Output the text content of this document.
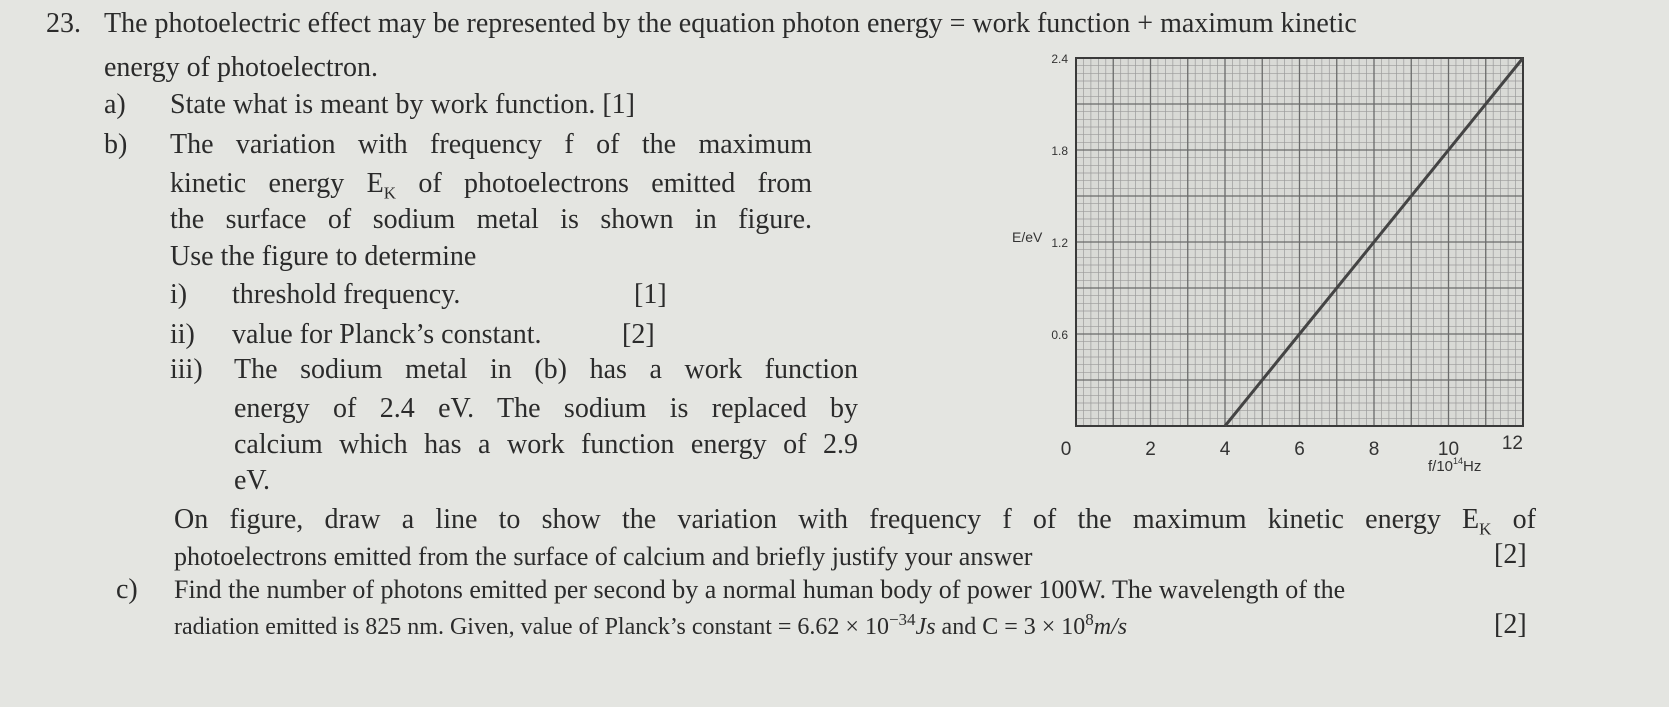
23. The photoelectric effect may be represented by the equation photon energy = work function + maximum kinetic
energy of photoelectron.
a) State what is meant by work function. [1]
b) The variation with frequency f of the maximum
kinetic energy $E_K$ of photoelectrons emitted from
the surface of sodium metal is shown in figure.
Use the figure to determine
i) threshold frequency.	[1]
ii) value for Planck’s constant.	[2]
iii) The sodium metal in (b) has a work function
energy of 2.4 eV. The sodium is replaced by
calcium which has a work function energy of 2.9
eV.
On figure, draw a line to show the variation with frequency f of the maximum kinetic energy $E_K$ of
photoelectrons emitted from the surface of calcium and briefly justify your answer	[2]
c) Find the number of photons emitted per second by a normal human body of power 100W. The wavelength of the
radiation emitted is 825 nm. Given, value of Planck’s constant = $6.62 \times 10^{-34}Js$ and $C = 3 \times 10^8m/s$	[2]
0.6
1.2
1.8
2.4
0	2	4	6	8	10 12
E/eV
$f/10^{14}Hz$
